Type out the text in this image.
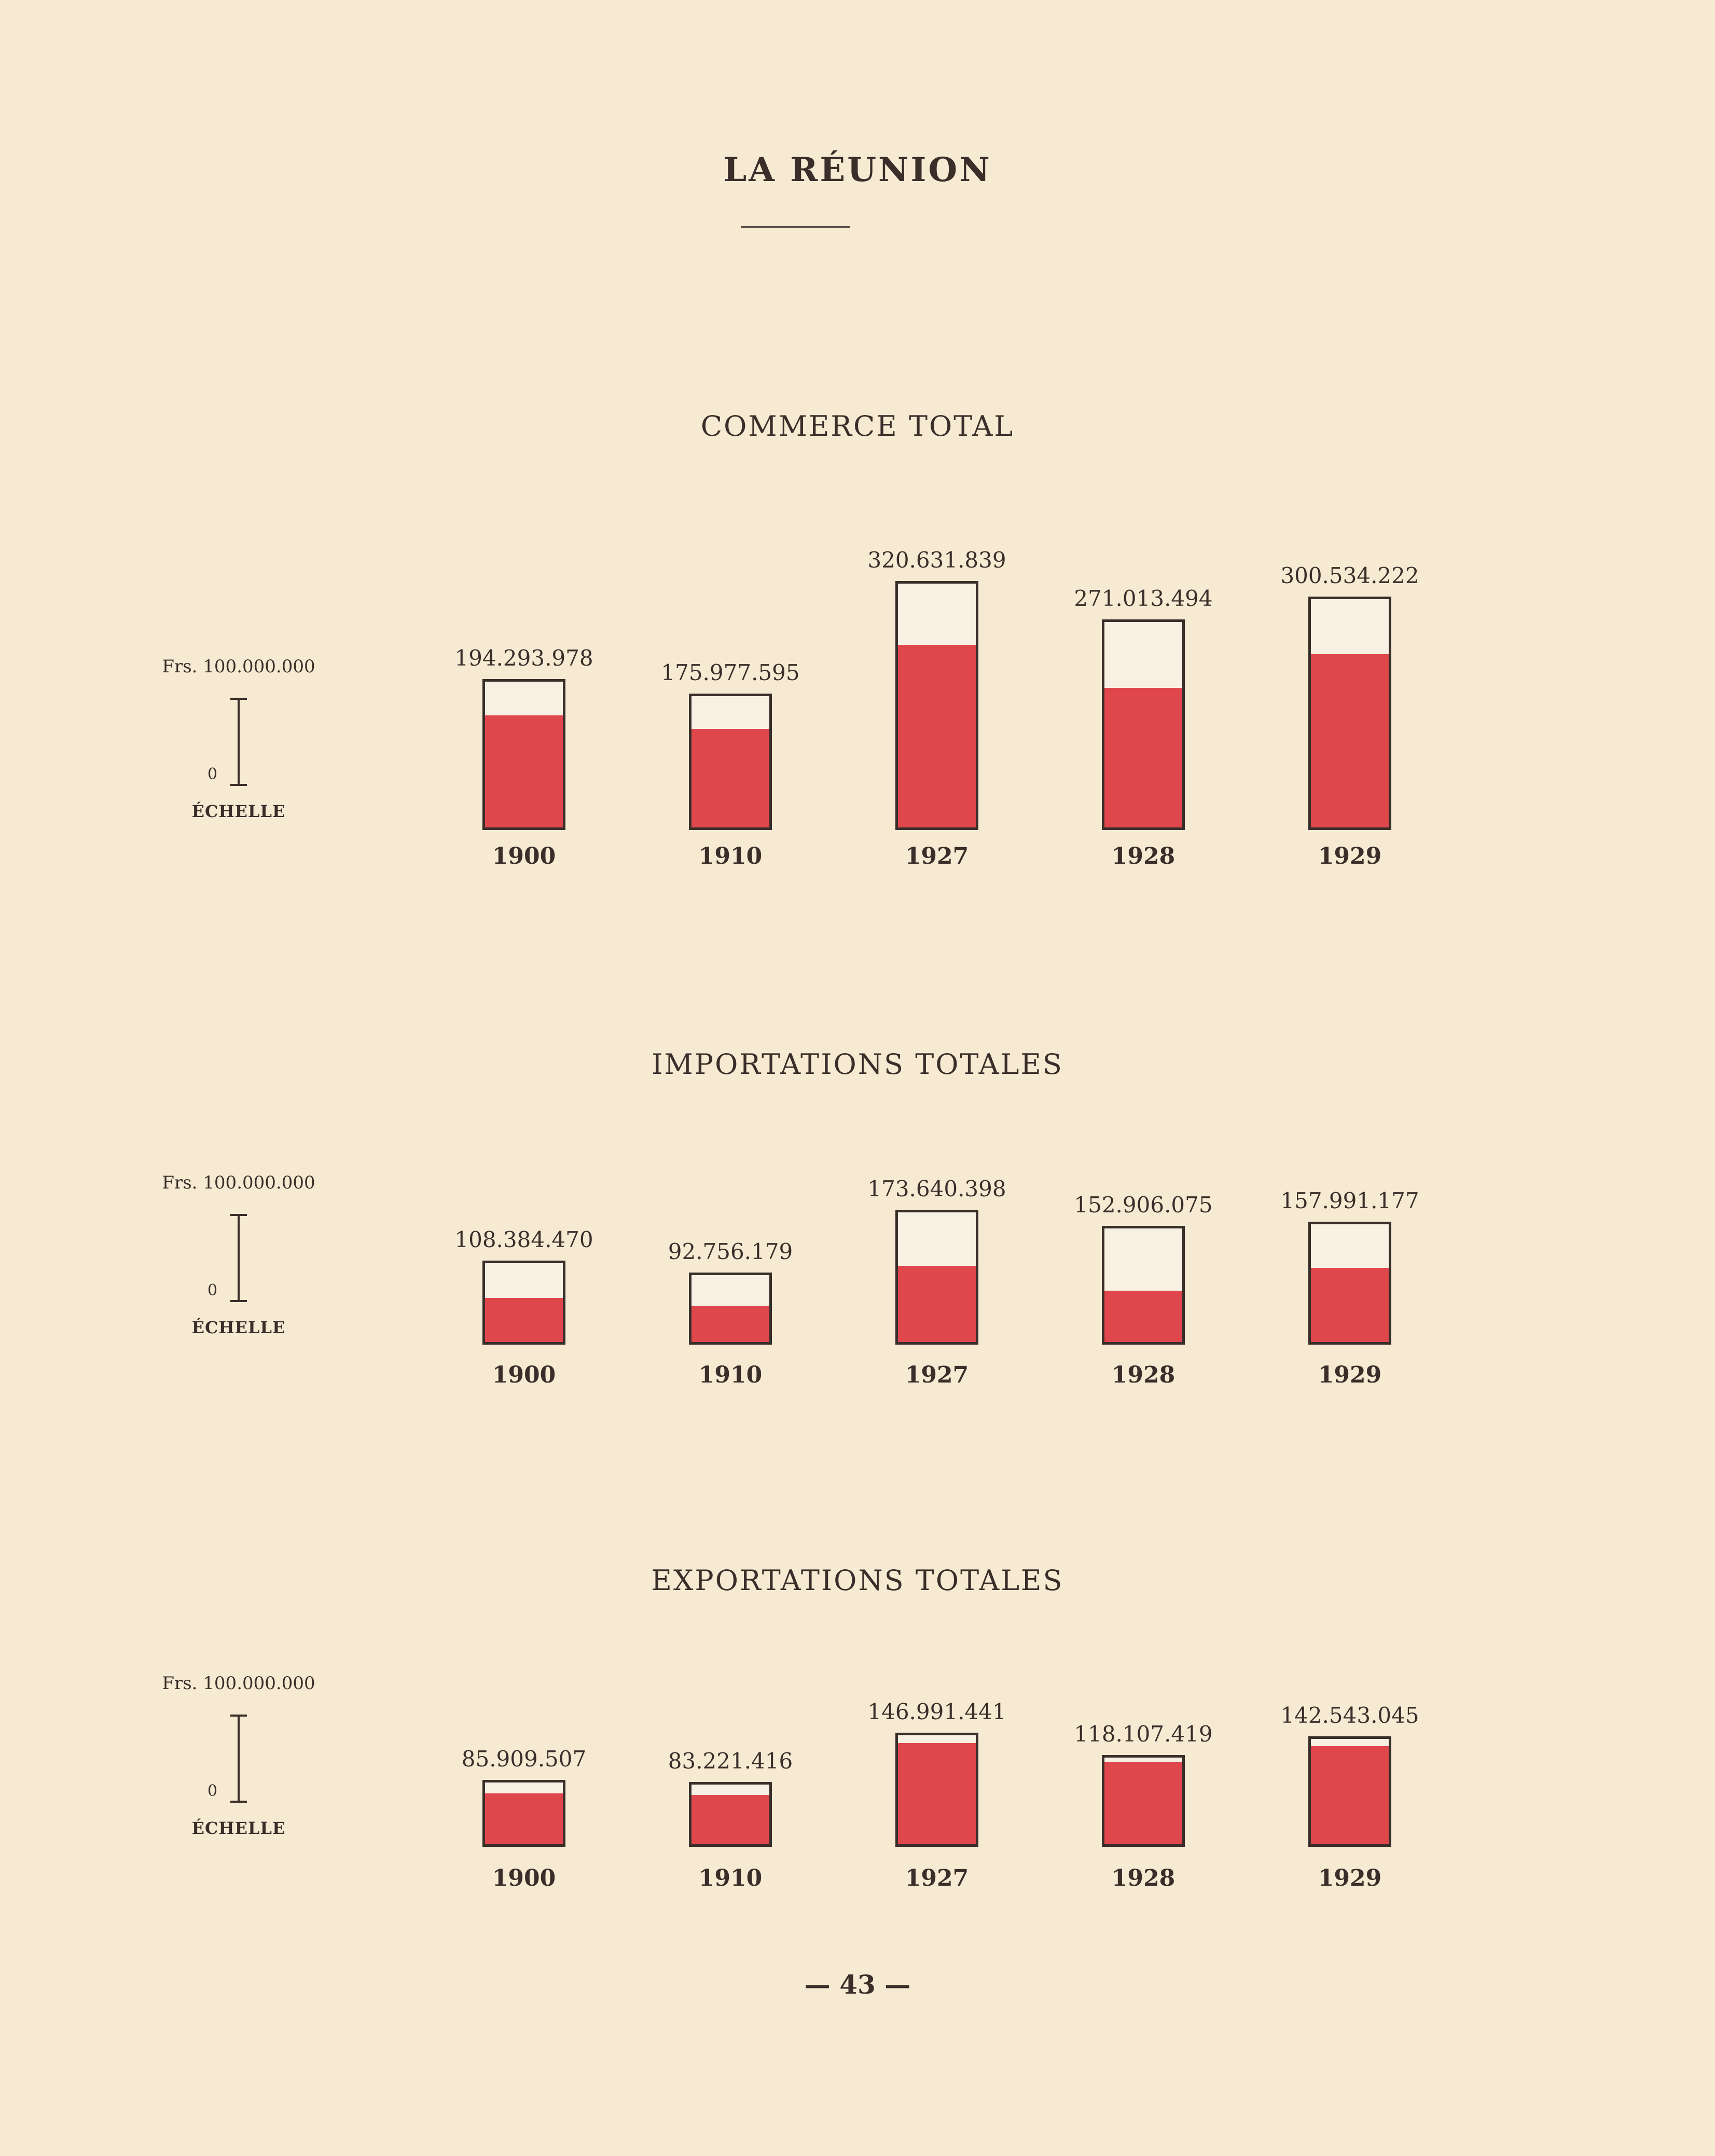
LA RÉUNION
COMMERCE TOTAL
Frs. 100.000.000
0
ÉCHELLE
194.293.978
1900
175.977.595
1910
320.631.839
1927
271.013.494
1928
300.534.222
1929
IMPORTATIONS TOTALES
Frs. 100.000.000
0
ÉCHELLE
108.384.470
1900
92.756.179
1910
173.640.398
1927
152.906.075
1928
157.991.177
1929
EXPORTATIONS TOTALES
Frs. 100.000.000
0
ÉCHELLE
85.909.507
1900
83.221.416
1910
146.991.441
1927
118.107.419
1928
142.543.045
1929
— 43 —
